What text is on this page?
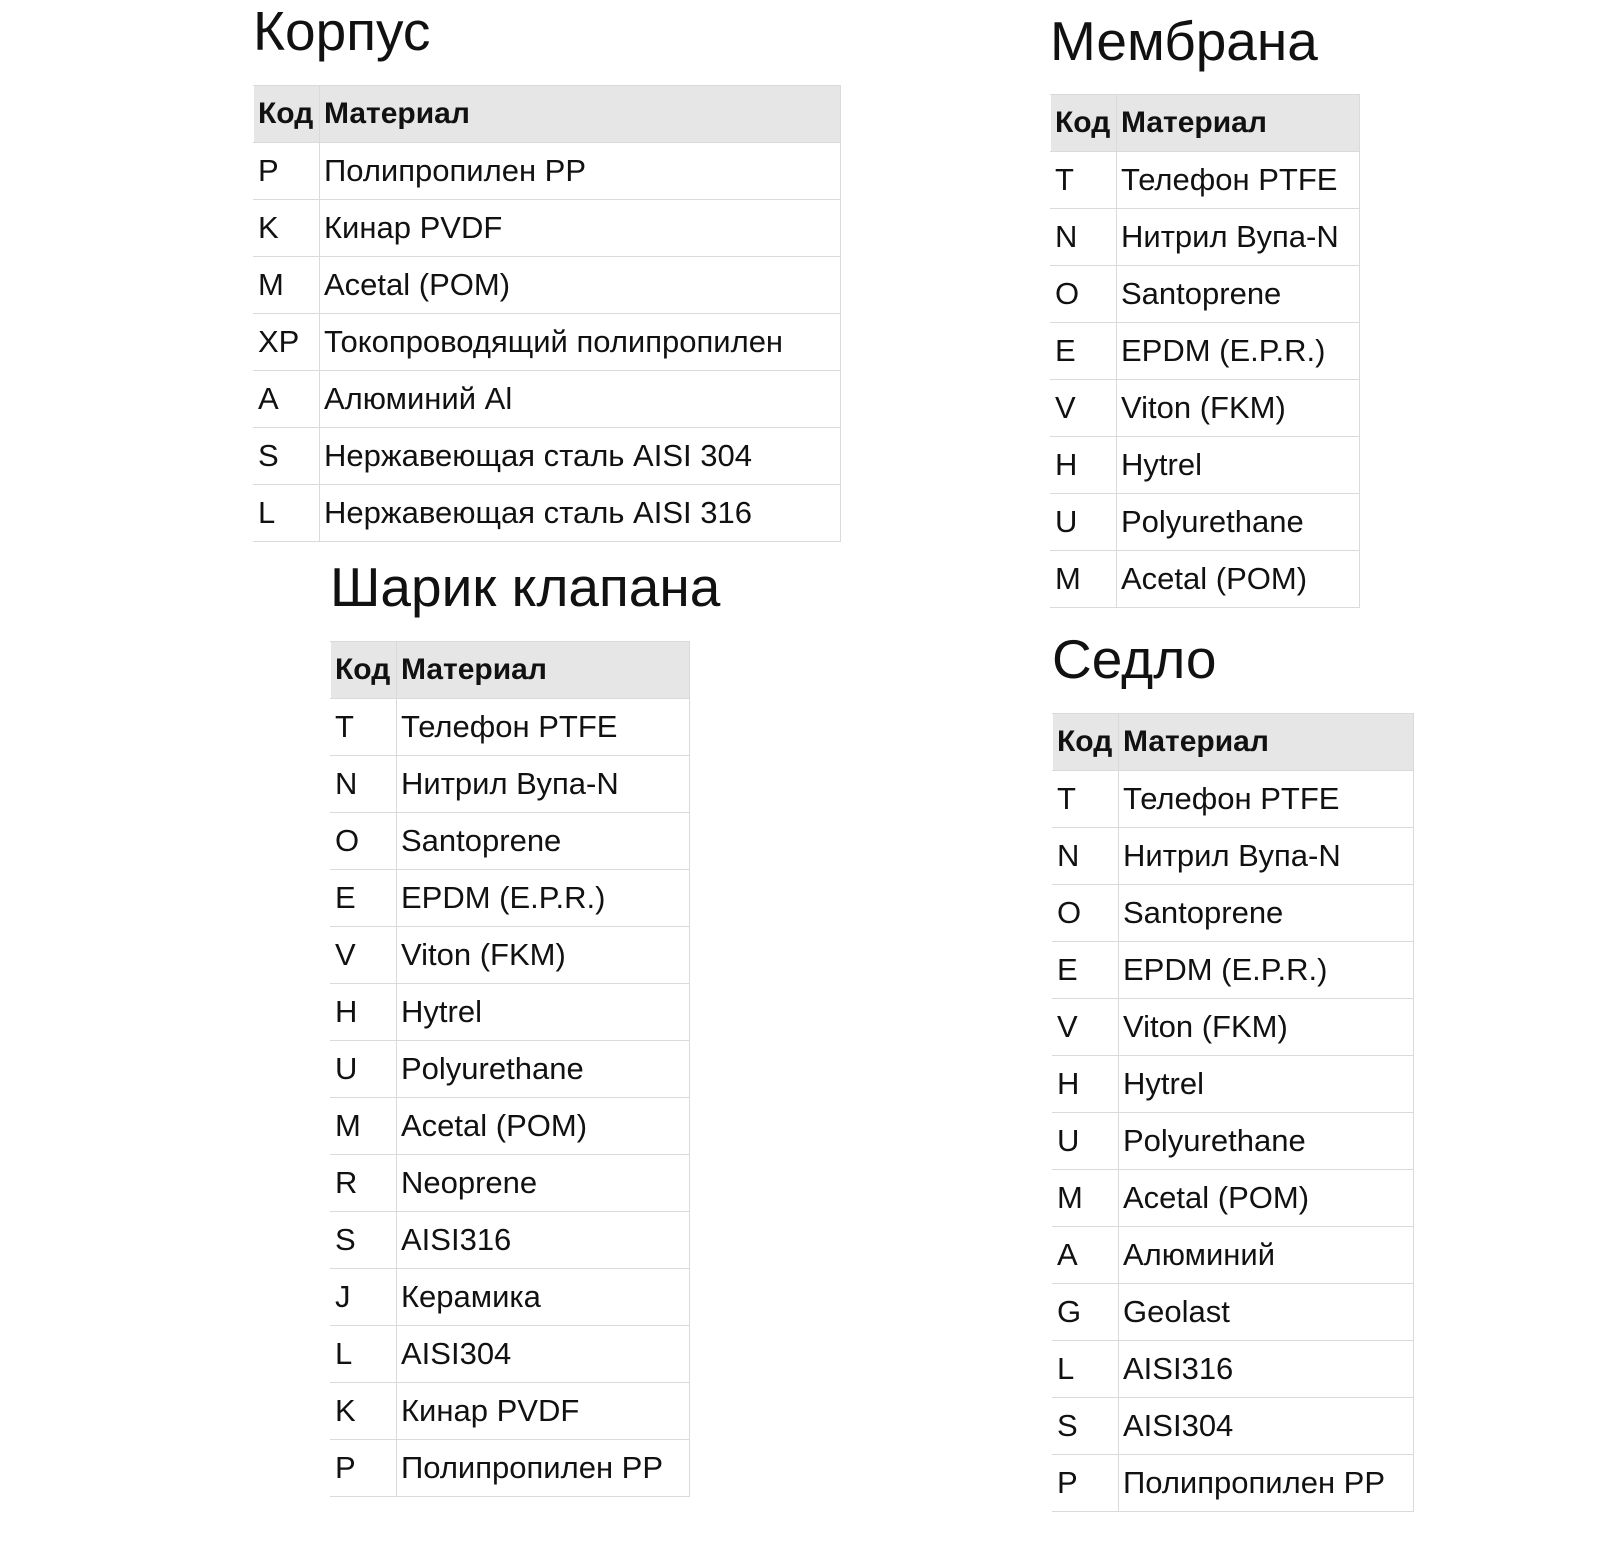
Корпус
Код	Материал
P	Полипропилен PP
K	Кинар PVDF
M	Acetal (POM)
XP	Токопроводящий полипропилен
A	Алюминий Al
S	Нержавеющая сталь AISI 304
L	Нержавеющая сталь AISI 316
Мембрана
Код	Материал
T	Телефон PTFE
N	Нитрил Вупа-N
O	Santoprene
E	EPDM (E.P.R.)
V	Viton (FKM)
H	Hytrel
U	Polyurethane
M	Acetal (POM)
Шарик клапана
Код	Материал
T	Телефон PTFE
N	Нитрил Вупа-N
O	Santoprene
E	EPDM (E.P.R.)
V	Viton (FKM)
H	Hytrel
U	Polyurethane
M	Acetal (POM)
R	Neoprene
S	AISI316
J	Керамика
L	AISI304
K	Кинар PVDF
P	Полипропилен PP
Седло
Код	Материал
T	Телефон PTFE
N	Нитрил Вупа-N
O	Santoprene
E	EPDM (E.P.R.)
V	Viton (FKM)
H	Hytrel
U	Polyurethane
M	Acetal (POM)
A	Алюминий
G	Geolast
L	AISI316
S	AISI304
P	Полипропилен PP
